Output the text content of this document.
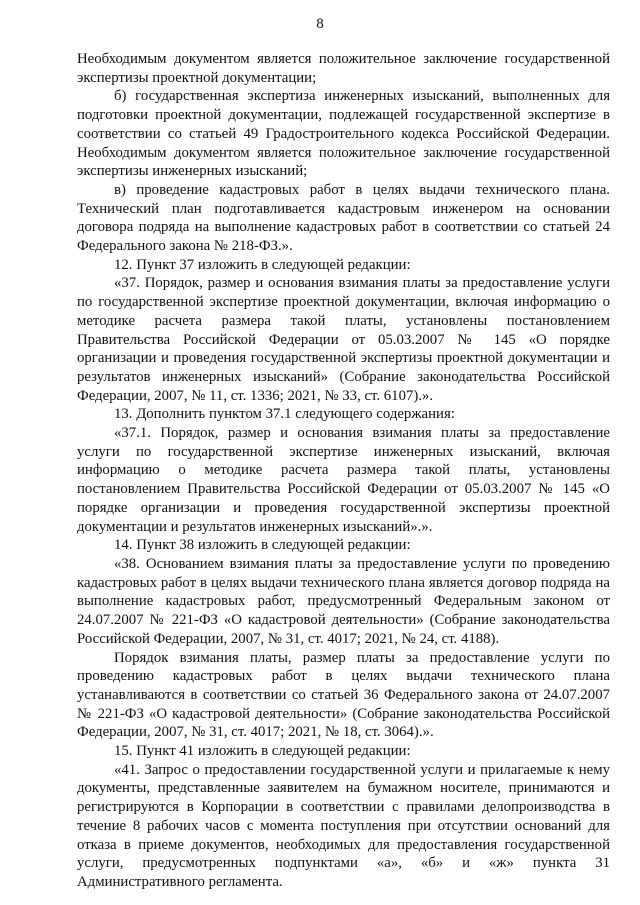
8

Необходимым документом является положительное заключение государственной экспертизы проектной документации;

б) государственная экспертиза инженерных изысканий, выполненных для подготовки проектной документации, подлежащей государственной экспертизе в соответствии со статьей 49 Градостроительного кодекса Российской Федерации. Необходимым документом является положительное заключение государственной экспертизы инженерных изысканий;

в) проведение кадастровых работ в целях выдачи технического плана. Технический план подготавливается кадастровым инженером на основании договора подряда на выполнение кадастровых работ в соответствии со статьей 24 Федерального закона № 218-ФЗ.».

12. Пункт 37 изложить в следующей редакции:

«37. Порядок, размер и основания взимания платы за предоставление услуги по государственной экспертизе проектной документации, включая информацию о методике расчета размера такой платы, установлены постановлением Правительства Российской Федерации от 05.03.2007 № 145 «О порядке организации и проведения государственной экспертизы проектной документации и результатов инженерных изысканий» (Собрание законодательства Российской Федерации, 2007, № 11, ст. 1336; 2021, № 33, ст. 6107).».

13. Дополнить пунктом 37.1 следующего содержания:

«37.1. Порядок, размер и основания взимания платы за предоставление услуги по государственной экспертизе инженерных изысканий, включая информацию о методике расчета размера такой платы, установлены постановлением Правительства Российской Федерации от 05.03.2007 № 145 «О порядке организации и проведения государственной экспертизы проектной документации и результатов инженерных изысканий».».

14. Пункт 38 изложить в следующей редакции:

«38. Основанием взимания платы за предоставление услуги по проведению кадастровых работ в целях выдачи технического плана является договор подряда на выполнение кадастровых работ, предусмотренный Федеральным законом от 24.07.2007 № 221-ФЗ «О кадастровой деятельности» (Собрание законодательства Российской Федерации, 2007, № 31, ст. 4017; 2021, № 24, ст. 4188).

Порядок взимания платы, размер платы за предоставление услуги по проведению кадастровых работ в целях выдачи технического плана устанавливаются в соответствии со статьей 36 Федерального закона от 24.07.2007 № 221-ФЗ «О кадастровой деятельности» (Собрание законодательства Российской Федерации, 2007, № 31, ст. 4017; 2021, № 18, ст. 3064).».

15. Пункт 41 изложить в следующей редакции:

«41. Запрос о предоставлении государственной услуги и прилагаемые к нему документы, представленные заявителем на бумажном носителе, принимаются и регистрируются в Корпорации в соответствии с правилами делопроизводства в течение 8 рабочих часов с момента поступления при отсутствии оснований для отказа в приеме документов, необходимых для предоставления государственной услуги, предусмотренных подпунктами «а», «б» и «ж» пункта 31 Административного регламента.
